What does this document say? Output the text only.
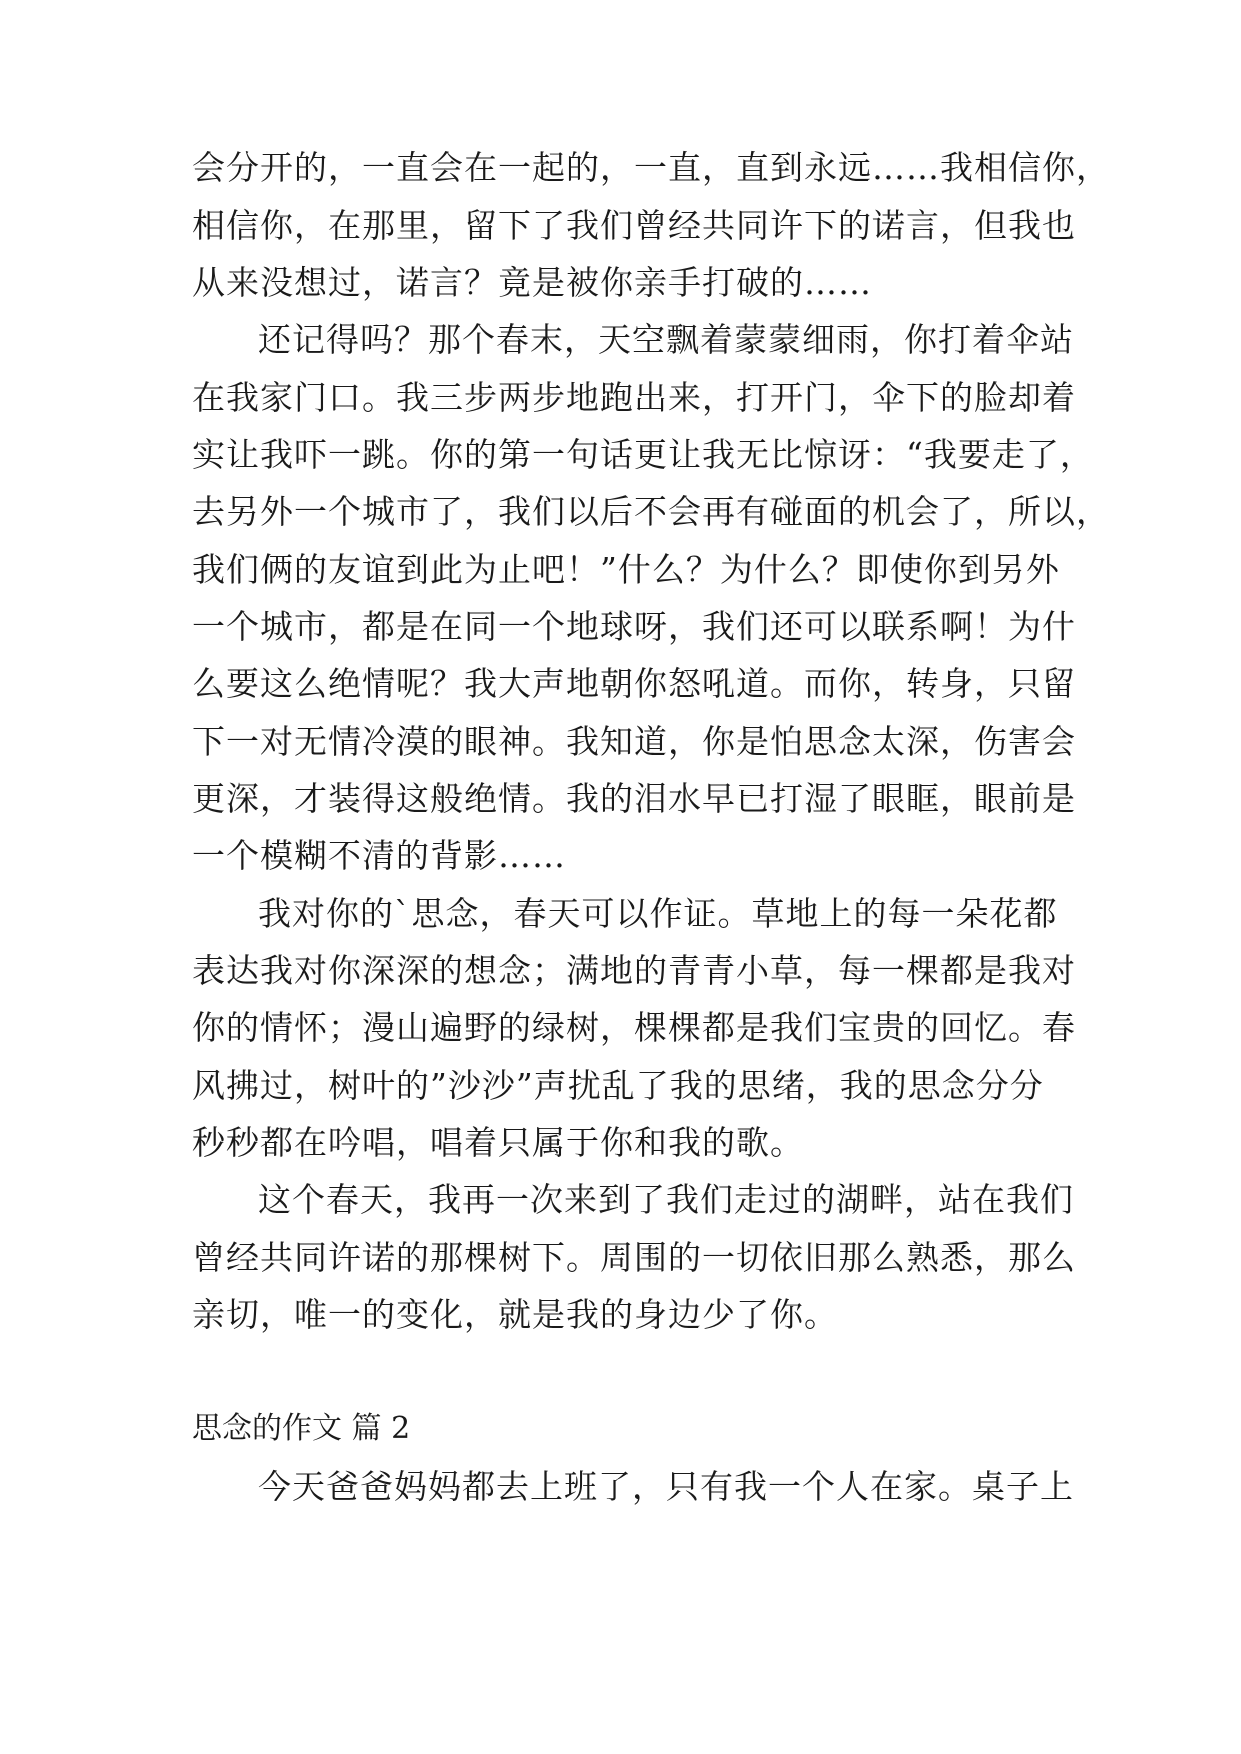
会分开的，一直会在一起的，一直，直到永远……我相信你，
相信你，在那里，留下了我们曾经共同许下的诺言，但我也
从来没想过，诺言？竟是被你亲手打破的……
还记得吗？那个春末，天空飘着蒙蒙细雨，你打着伞站
在我家门口。我三步两步地跑出来，打开门，伞下的脸却着
实让我吓一跳。你的第一句话更让我无比惊讶：“我要走了，
去另外一个城市了，我们以后不会再有碰面的机会了，所以，
我们俩的友谊到此为止吧！”什么？为什么？即使你到另外
一个城市，都是在同一个地球呀，我们还可以联系啊！为什
么要这么绝情呢？我大声地朝你怒吼道。而你，转身，只留
下一对无情冷漠的眼神。我知道，你是怕思念太深，伤害会
更深，才装得这般绝情。我的泪水早已打湿了眼眶，眼前是
一个模糊不清的背影……
我对你的`思念，春天可以作证。草地上的每一朵花都
表达我对你深深的想念；满地的青青小草，每一棵都是我对
你的情怀；漫山遍野的绿树，棵棵都是我们宝贵的回忆。春
风拂过，树叶的”沙沙”声扰乱了我的思绪，我的思念分分
秒秒都在吟唱，唱着只属于你和我的歌。
这个春天，我再一次来到了我们走过的湖畔，站在我们
曾经共同许诺的那棵树下。周围的一切依旧那么熟悉，那么
亲切，唯一的变化，就是我的身边少了你。
思念的作文 篇 2
今天爸爸妈妈都去上班了，只有我一个人在家。桌子上
